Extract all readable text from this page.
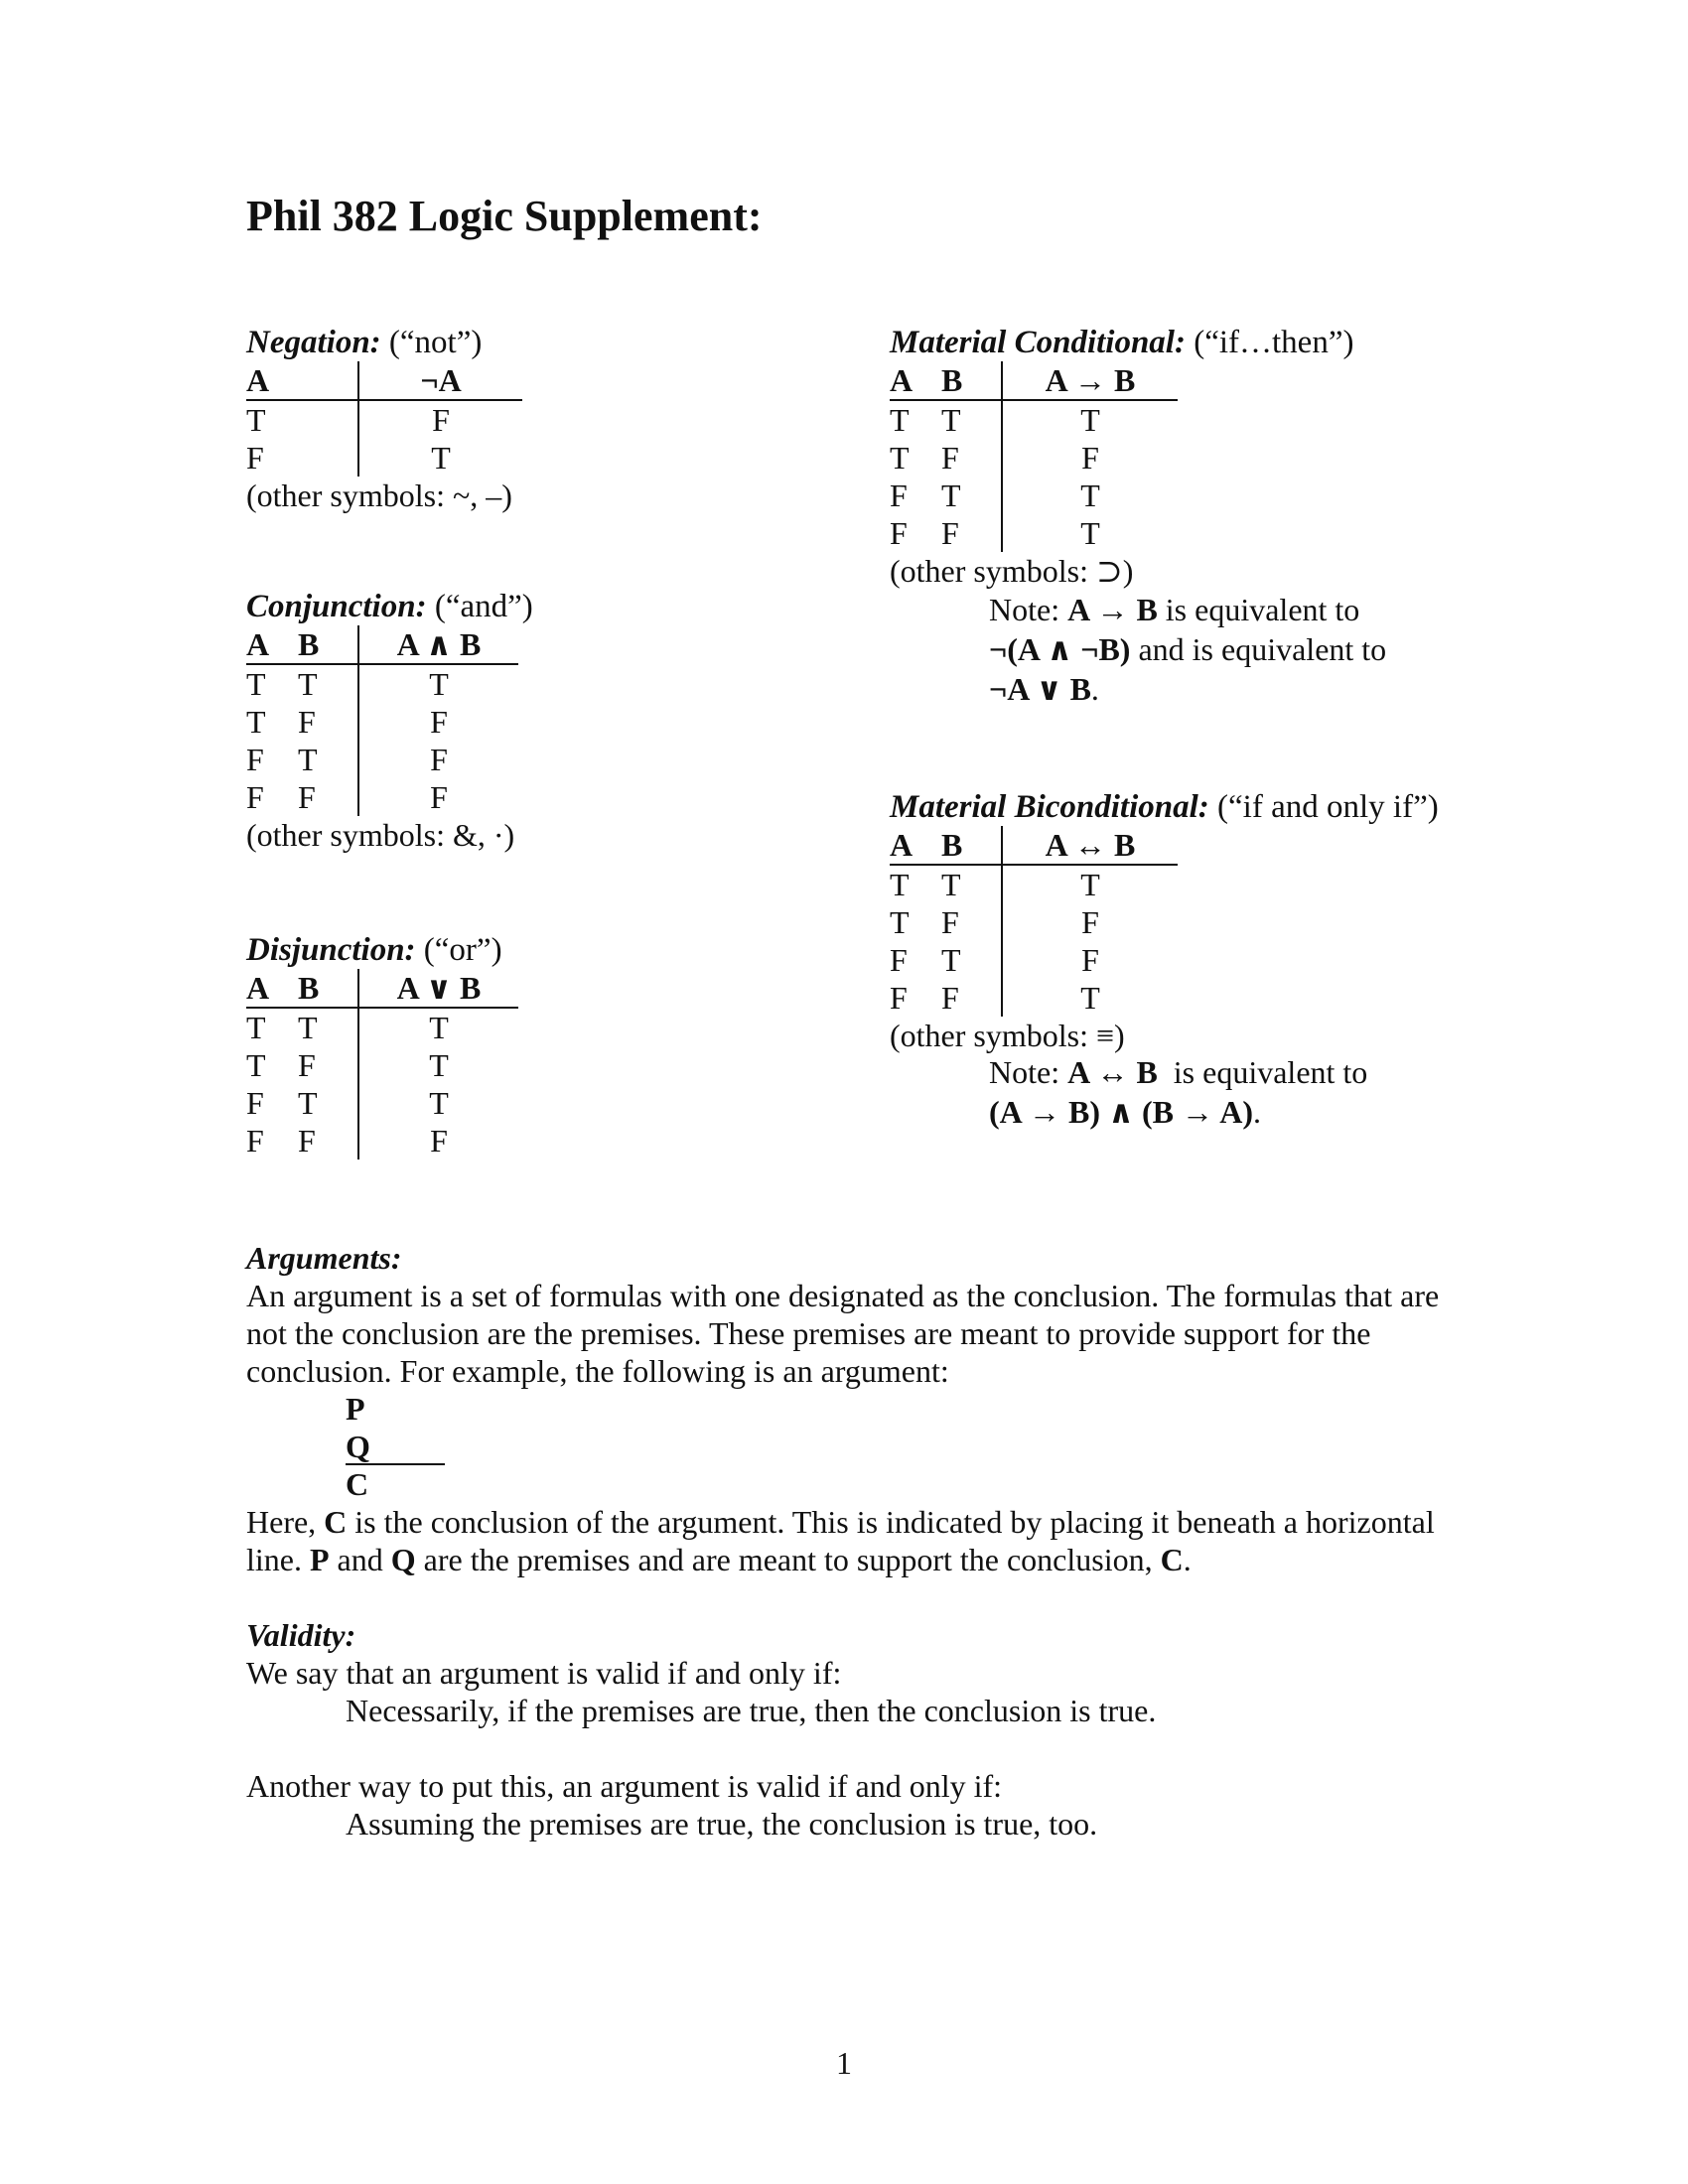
Phil 382 Logic Supplement:
Negation: (“not”)
A	¬A
T	F
F	T
(other symbols: ~, –)
Conjunction: (“and”)
A	B	A ∧ B
T	T	T
T	F	F
F	T	F
F	F	F
(other symbols: &, ·)
Disjunction: (“or”)
A	B	A ∨ B
T	T	T
T	F	T
F	T	T
F	F	F
Material Conditional: (“if…then”)
A	B	A → B
T	T	T
T	F	F
F	T	T
F	F	T
(other symbols: ⊃)
Note: A → B is equivalent to
¬(A ∧ ¬B) and is equivalent to
¬A ∨ B.
Material Biconditional: (“if and only if”)
A	B	A ↔ B
T	T	T
T	F	F
F	T	F
F	F	T
(other symbols: ≡)
Note: A ↔ B  is equivalent to
(A → B) ∧ (B → A).
Arguments:
An argument is a set of formulas with one designated as the conclusion. The formulas that are not the conclusion are the premises. These premises are meant to provide support for the conclusion. For example, the following is an argument:
P
Q
C
Here, C is the conclusion of the argument. This is indicated by placing it beneath a horizontal line. P and Q are the premises and are meant to support the conclusion, C.
Validity:
We say that an argument is valid if and only if:
Necessarily, if the premises are true, then the conclusion is true.
Another way to put this, an argument is valid if and only if:
Assuming the premises are true, the conclusion is true, too.
1
